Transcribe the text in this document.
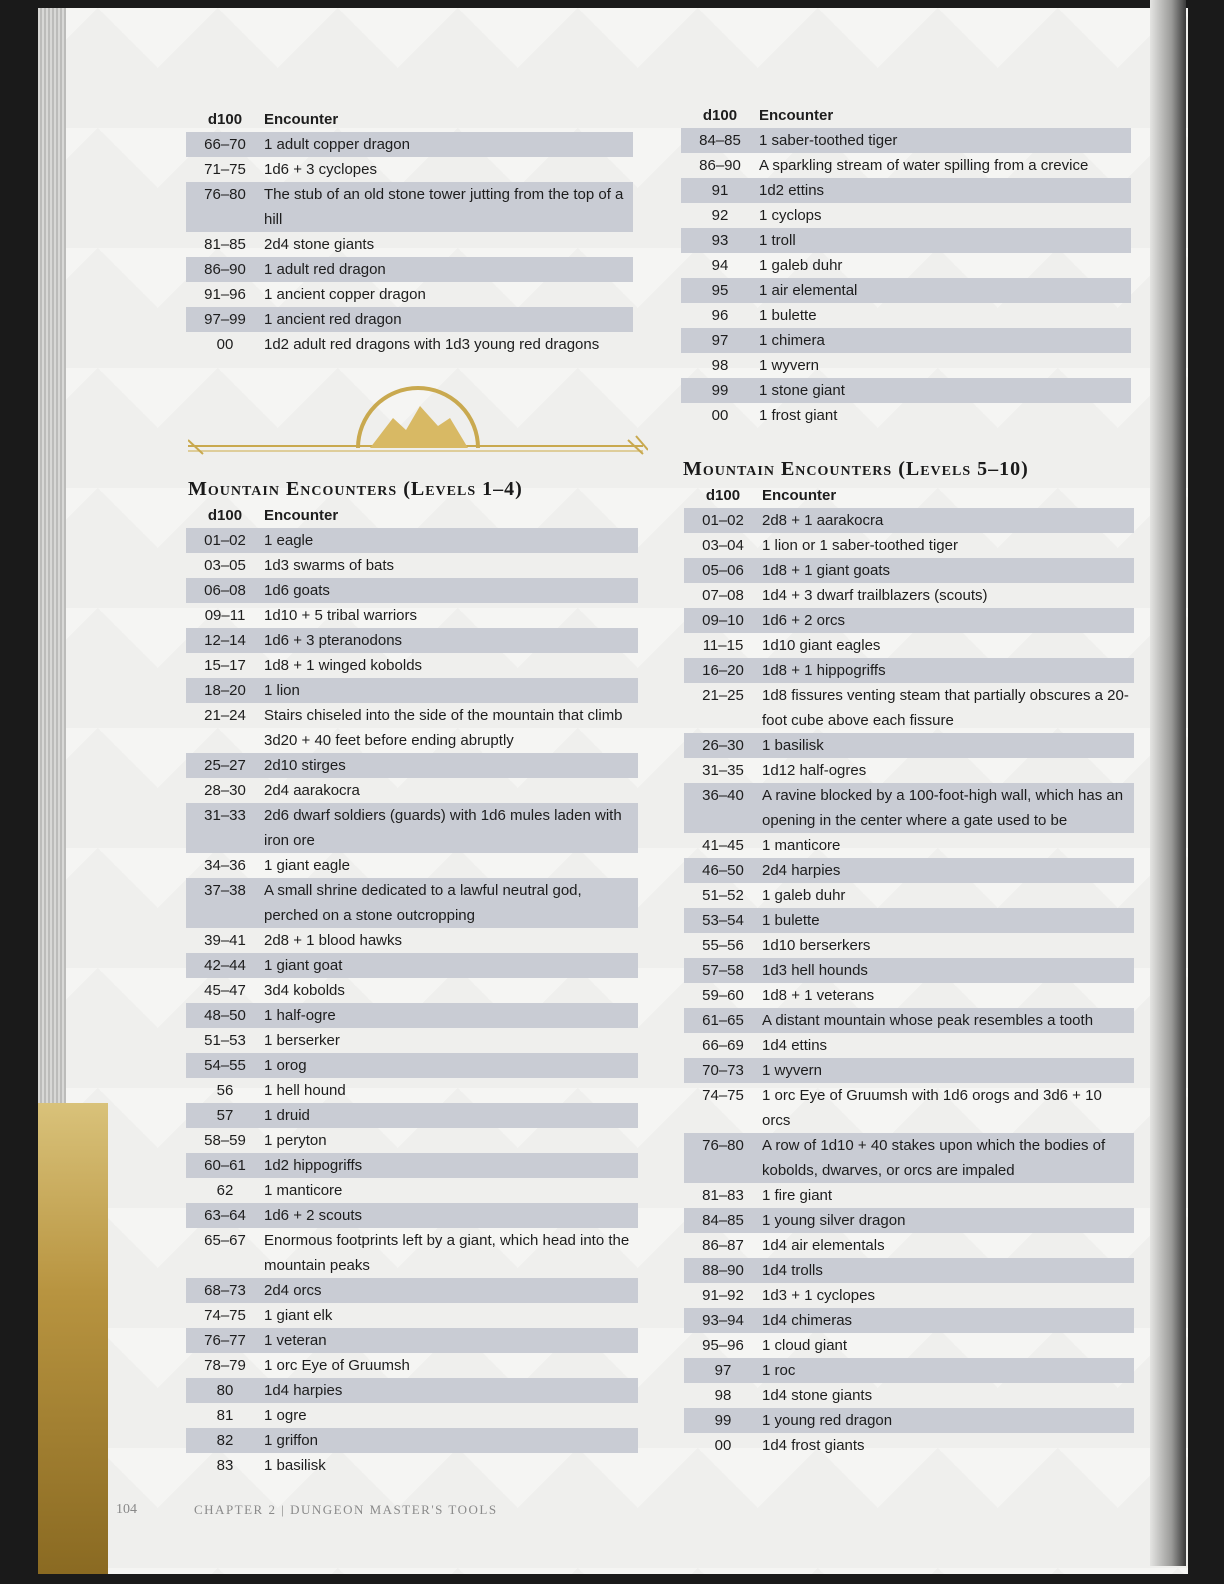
d100	Encounter
66–70	1 adult copper dragon
71–75	1d6 + 3 cyclopes
76–80	The stub of an old stone tower jutting from the top of a hill
81–85	2d4 stone giants
86–90	1 adult red dragon
91–96	1 ancient copper dragon
97–99	1 ancient red dragon
00	1d2 adult red dragons with 1d3 young red dragons
Mountain Encounters (Levels 1–4)
d100	Encounter
01–02	1 eagle
03–05	1d3 swarms of bats
06–08	1d6 goats
09–11	1d10 + 5 tribal warriors
12–14	1d6 + 3 pteranodons
15–17	1d8 + 1 winged kobolds
18–20	1 lion
21–24	Stairs chiseled into the side of the mountain that climb 3d20 + 40 feet before ending abruptly
25–27	2d10 stirges
28–30	2d4 aarakocra
31–33	2d6 dwarf soldiers (guards) with 1d6 mules laden with iron ore
34–36	1 giant eagle
37–38	A small shrine dedicated to a lawful neutral god, perched on a stone outcropping
39–41	2d8 + 1 blood hawks
42–44	1 giant goat
45–47	3d4 kobolds
48–50	1 half-ogre
51–53	1 berserker
54–55	1 orog
56	1 hell hound
57	1 druid
58–59	1 peryton
60–61	1d2 hippogriffs
62	1 manticore
63–64	1d6 + 2 scouts
65–67	Enormous footprints left by a giant, which head into the mountain peaks
68–73	2d4 orcs
74–75	1 giant elk
76–77	1 veteran
78–79	1 orc Eye of Gruumsh
80	1d4 harpies
81	1 ogre
82	1 griffon
83	1 basilisk
d100	Encounter
84–85	1 saber-toothed tiger
86–90	A sparkling stream of water spilling from a crevice
91	1d2 ettins
92	1 cyclops
93	1 troll
94	1 galeb duhr
95	1 air elemental
96	1 bulette
97	1 chimera
98	1 wyvern
99	1 stone giant
00	1 frost giant
Mountain Encounters (Levels 5–10)
d100	Encounter
01–02	2d8 + 1 aarakocra
03–04	1 lion or 1 saber-toothed tiger
05–06	1d8 + 1 giant goats
07–08	1d4 + 3 dwarf trailblazers (scouts)
09–10	1d6 + 2 orcs
11–15	1d10 giant eagles
16–20	1d8 + 1 hippogriffs
21–25	1d8 fissures venting steam that partially obscures a 20-foot cube above each fissure
26–30	1 basilisk
31–35	1d12 half-ogres
36–40	A ravine blocked by a 100-foot-high wall, which has an opening in the center where a gate used to be
41–45	1 manticore
46–50	2d4 harpies
51–52	1 galeb duhr
53–54	1 bulette
55–56	1d10 berserkers
57–58	1d3 hell hounds
59–60	1d8 + 1 veterans
61–65	A distant mountain whose peak resembles a tooth
66–69	1d4 ettins
70–73	1 wyvern
74–75	1 orc Eye of Gruumsh with 1d6 orogs and 3d6 + 10 orcs
76–80	A row of 1d10 + 40 stakes upon which the bodies of kobolds, dwarves, or orcs are impaled
81–83	1 fire giant
84–85	1 young silver dragon
86–87	1d4 air elementals
88–90	1d4 trolls
91–92	1d3 + 1 cyclopes
93–94	1d4 chimeras
95–96	1 cloud giant
97	1 roc
98	1d4 stone giants
99	1 young red dragon
00	1d4 frost giants
104	CHAPTER 2 | DUNGEON MASTER'S TOOLS
